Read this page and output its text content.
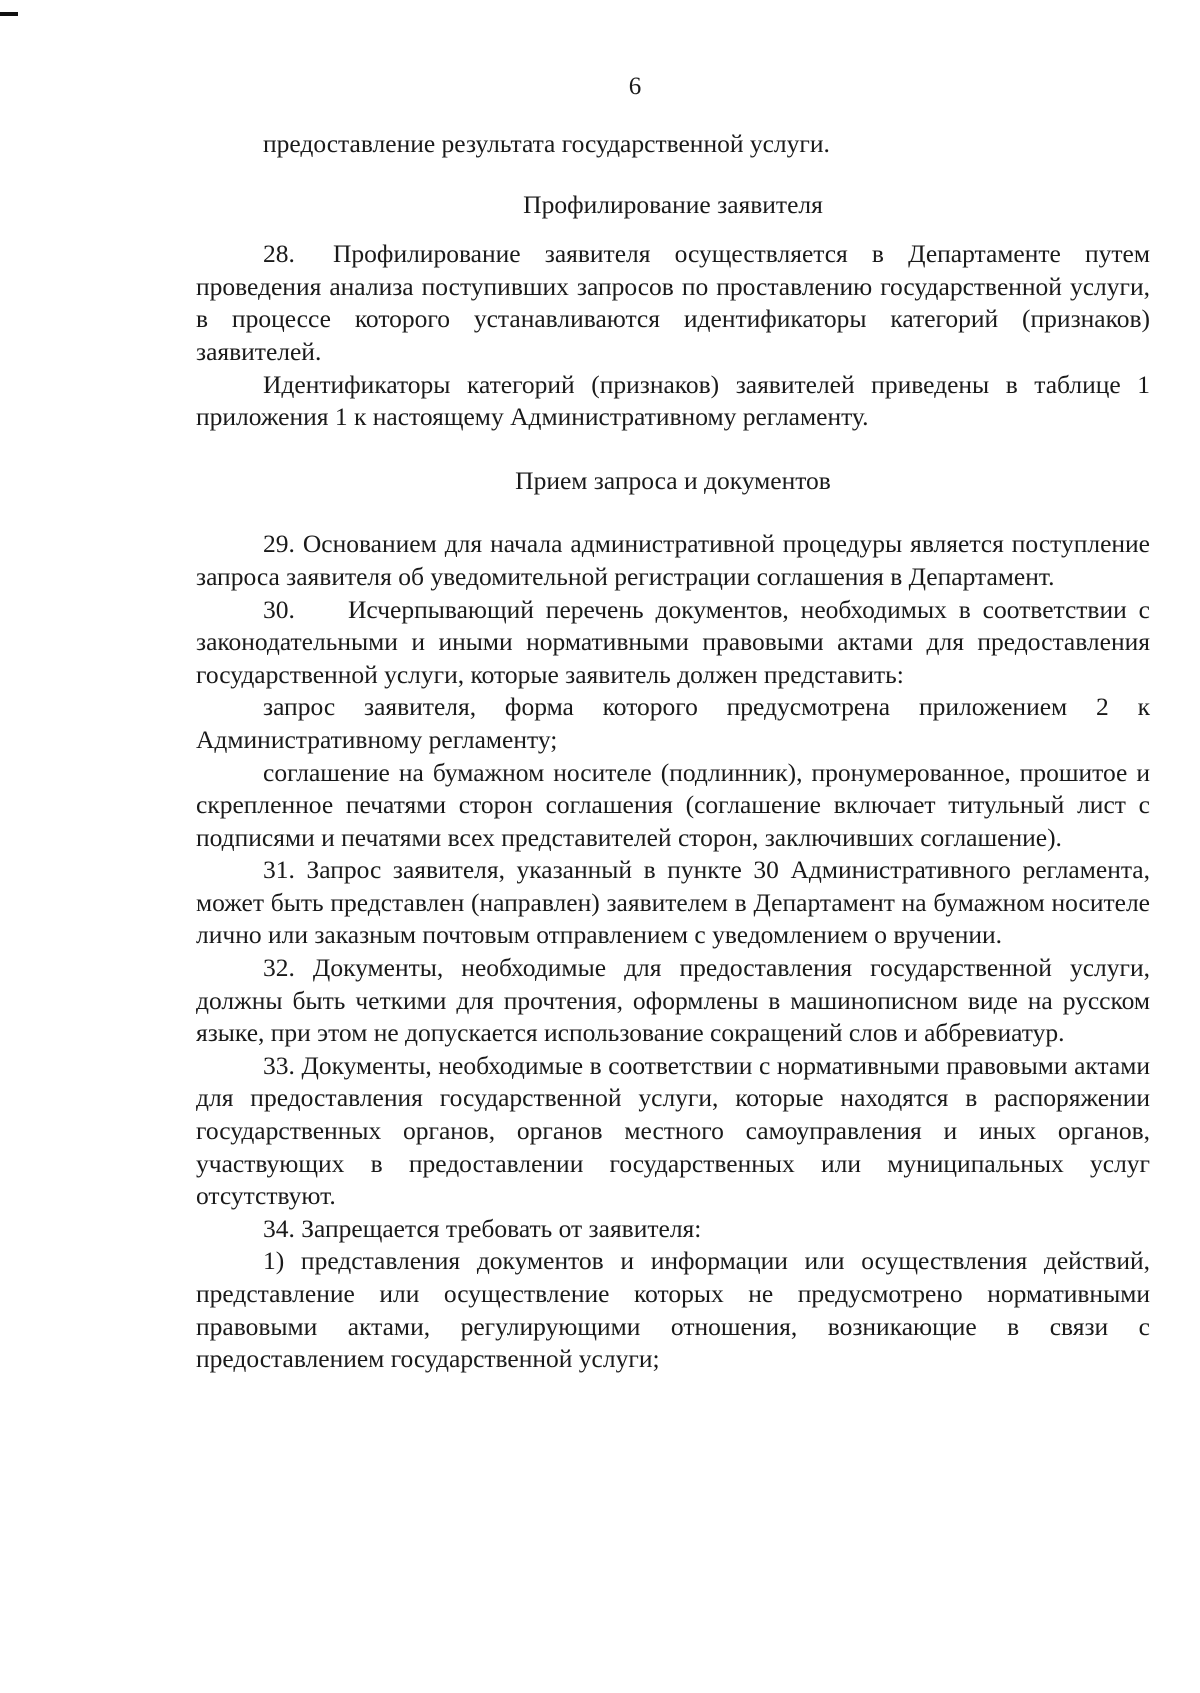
6

предоставление результата государственной услуги.

Профилирование заявителя

28. Профилирование заявителя осуществляется в Департаменте путем проведения анализа поступивших запросов по проставлению государственной услуги, в процессе которого устанавливаются идентификаторы категорий (признаков) заявителей.

Идентификаторы категорий (признаков) заявителей приведены в таблице 1 приложения 1 к настоящему Административному регламенту.

Прием запроса и документов

29. Основанием для начала административной процедуры является поступление запроса заявителя об уведомительной регистрации соглашения в Департамент.

30. Исчерпывающий перечень документов, необходимых в соответствии с законодательными и иными нормативными правовыми актами для предоставления государственной услуги, которые заявитель должен представить:

запрос заявителя, форма которого предусмотрена приложением 2 к Административному регламенту;

соглашение на бумажном носителе (подлинник), пронумерованное, прошитое и скрепленное печатями сторон соглашения (соглашение включает титульный лист с подписями и печатями всех представителей сторон, заключивших соглашение).

31. Запрос заявителя, указанный в пункте 30 Административного регламента, может быть представлен (направлен) заявителем в Департамент на бумажном носителе лично или заказным почтовым отправлением с уведомлением о вручении.

32. Документы, необходимые для предоставления государственной услуги, должны быть четкими для прочтения, оформлены в машинописном виде на русском языке, при этом не допускается использование сокращений слов и аббревиатур.

33. Документы, необходимые в соответствии с нормативными правовыми актами для предоставления государственной услуги, которые находятся в распоряжении государственных органов, органов местного самоуправления и иных органов, участвующих в предоставлении государственных или муниципальных услуг отсутствуют.

34. Запрещается требовать от заявителя:

1) представления документов и информации или осуществления действий, представление или осуществление которых не предусмотрено нормативными правовыми актами, регулирующими отношения, возникающие в связи с предоставлением государственной услуги;
